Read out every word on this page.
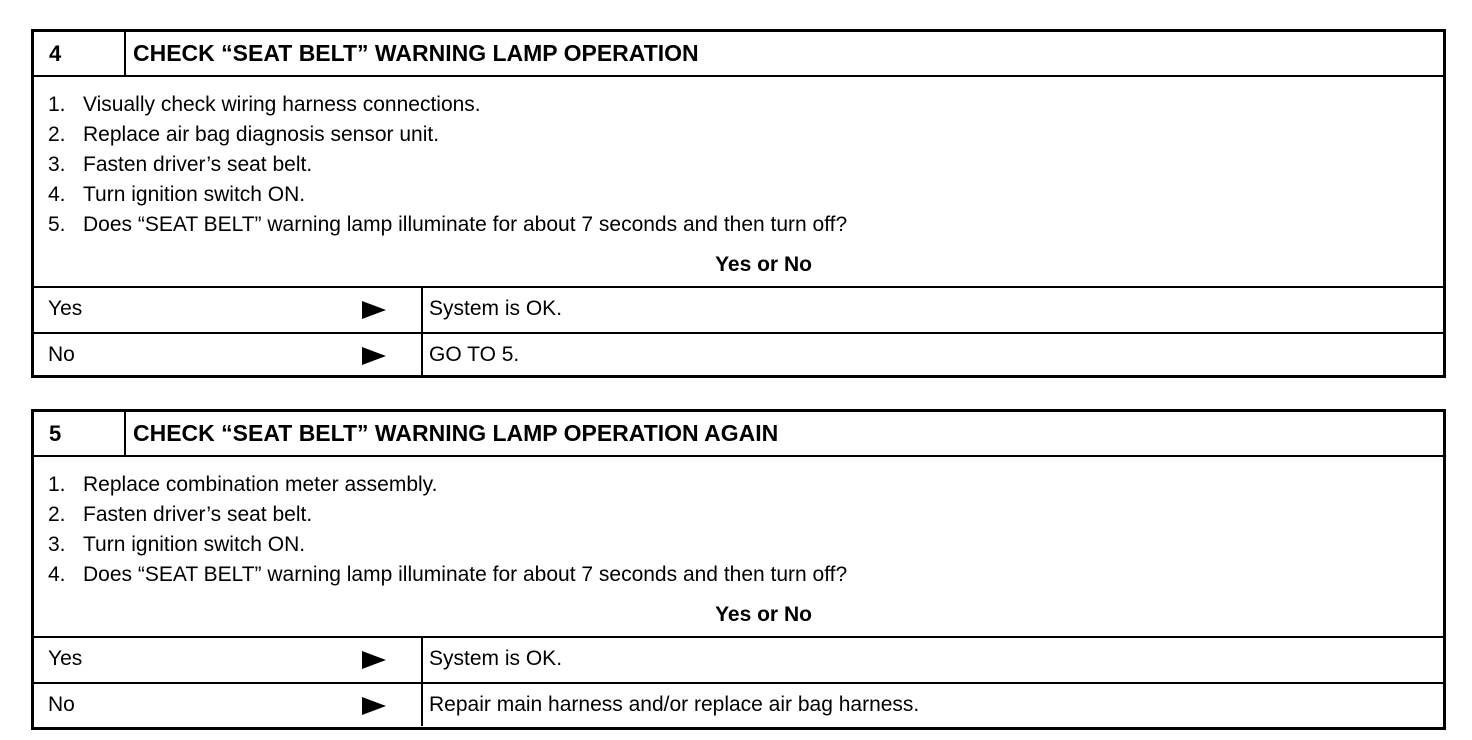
4	CHECK “SEAT BELT” WARNING LAMP OPERATION
1. Visually check wiring harness connections.
2. Replace air bag diagnosis sensor unit.
3. Fasten driver’s seat belt.
4. Turn ignition switch ON.
5. Does “SEAT BELT” warning lamp illuminate for about 7 seconds and then turn off?
Yes or No
Yes	System is OK.
No	GO TO 5.
5	CHECK “SEAT BELT” WARNING LAMP OPERATION AGAIN
1. Replace combination meter assembly.
2. Fasten driver’s seat belt.
3. Turn ignition switch ON.
4. Does “SEAT BELT” warning lamp illuminate for about 7 seconds and then turn off?
Yes or No
Yes	System is OK.
No	Repair main harness and/or replace air bag harness.
